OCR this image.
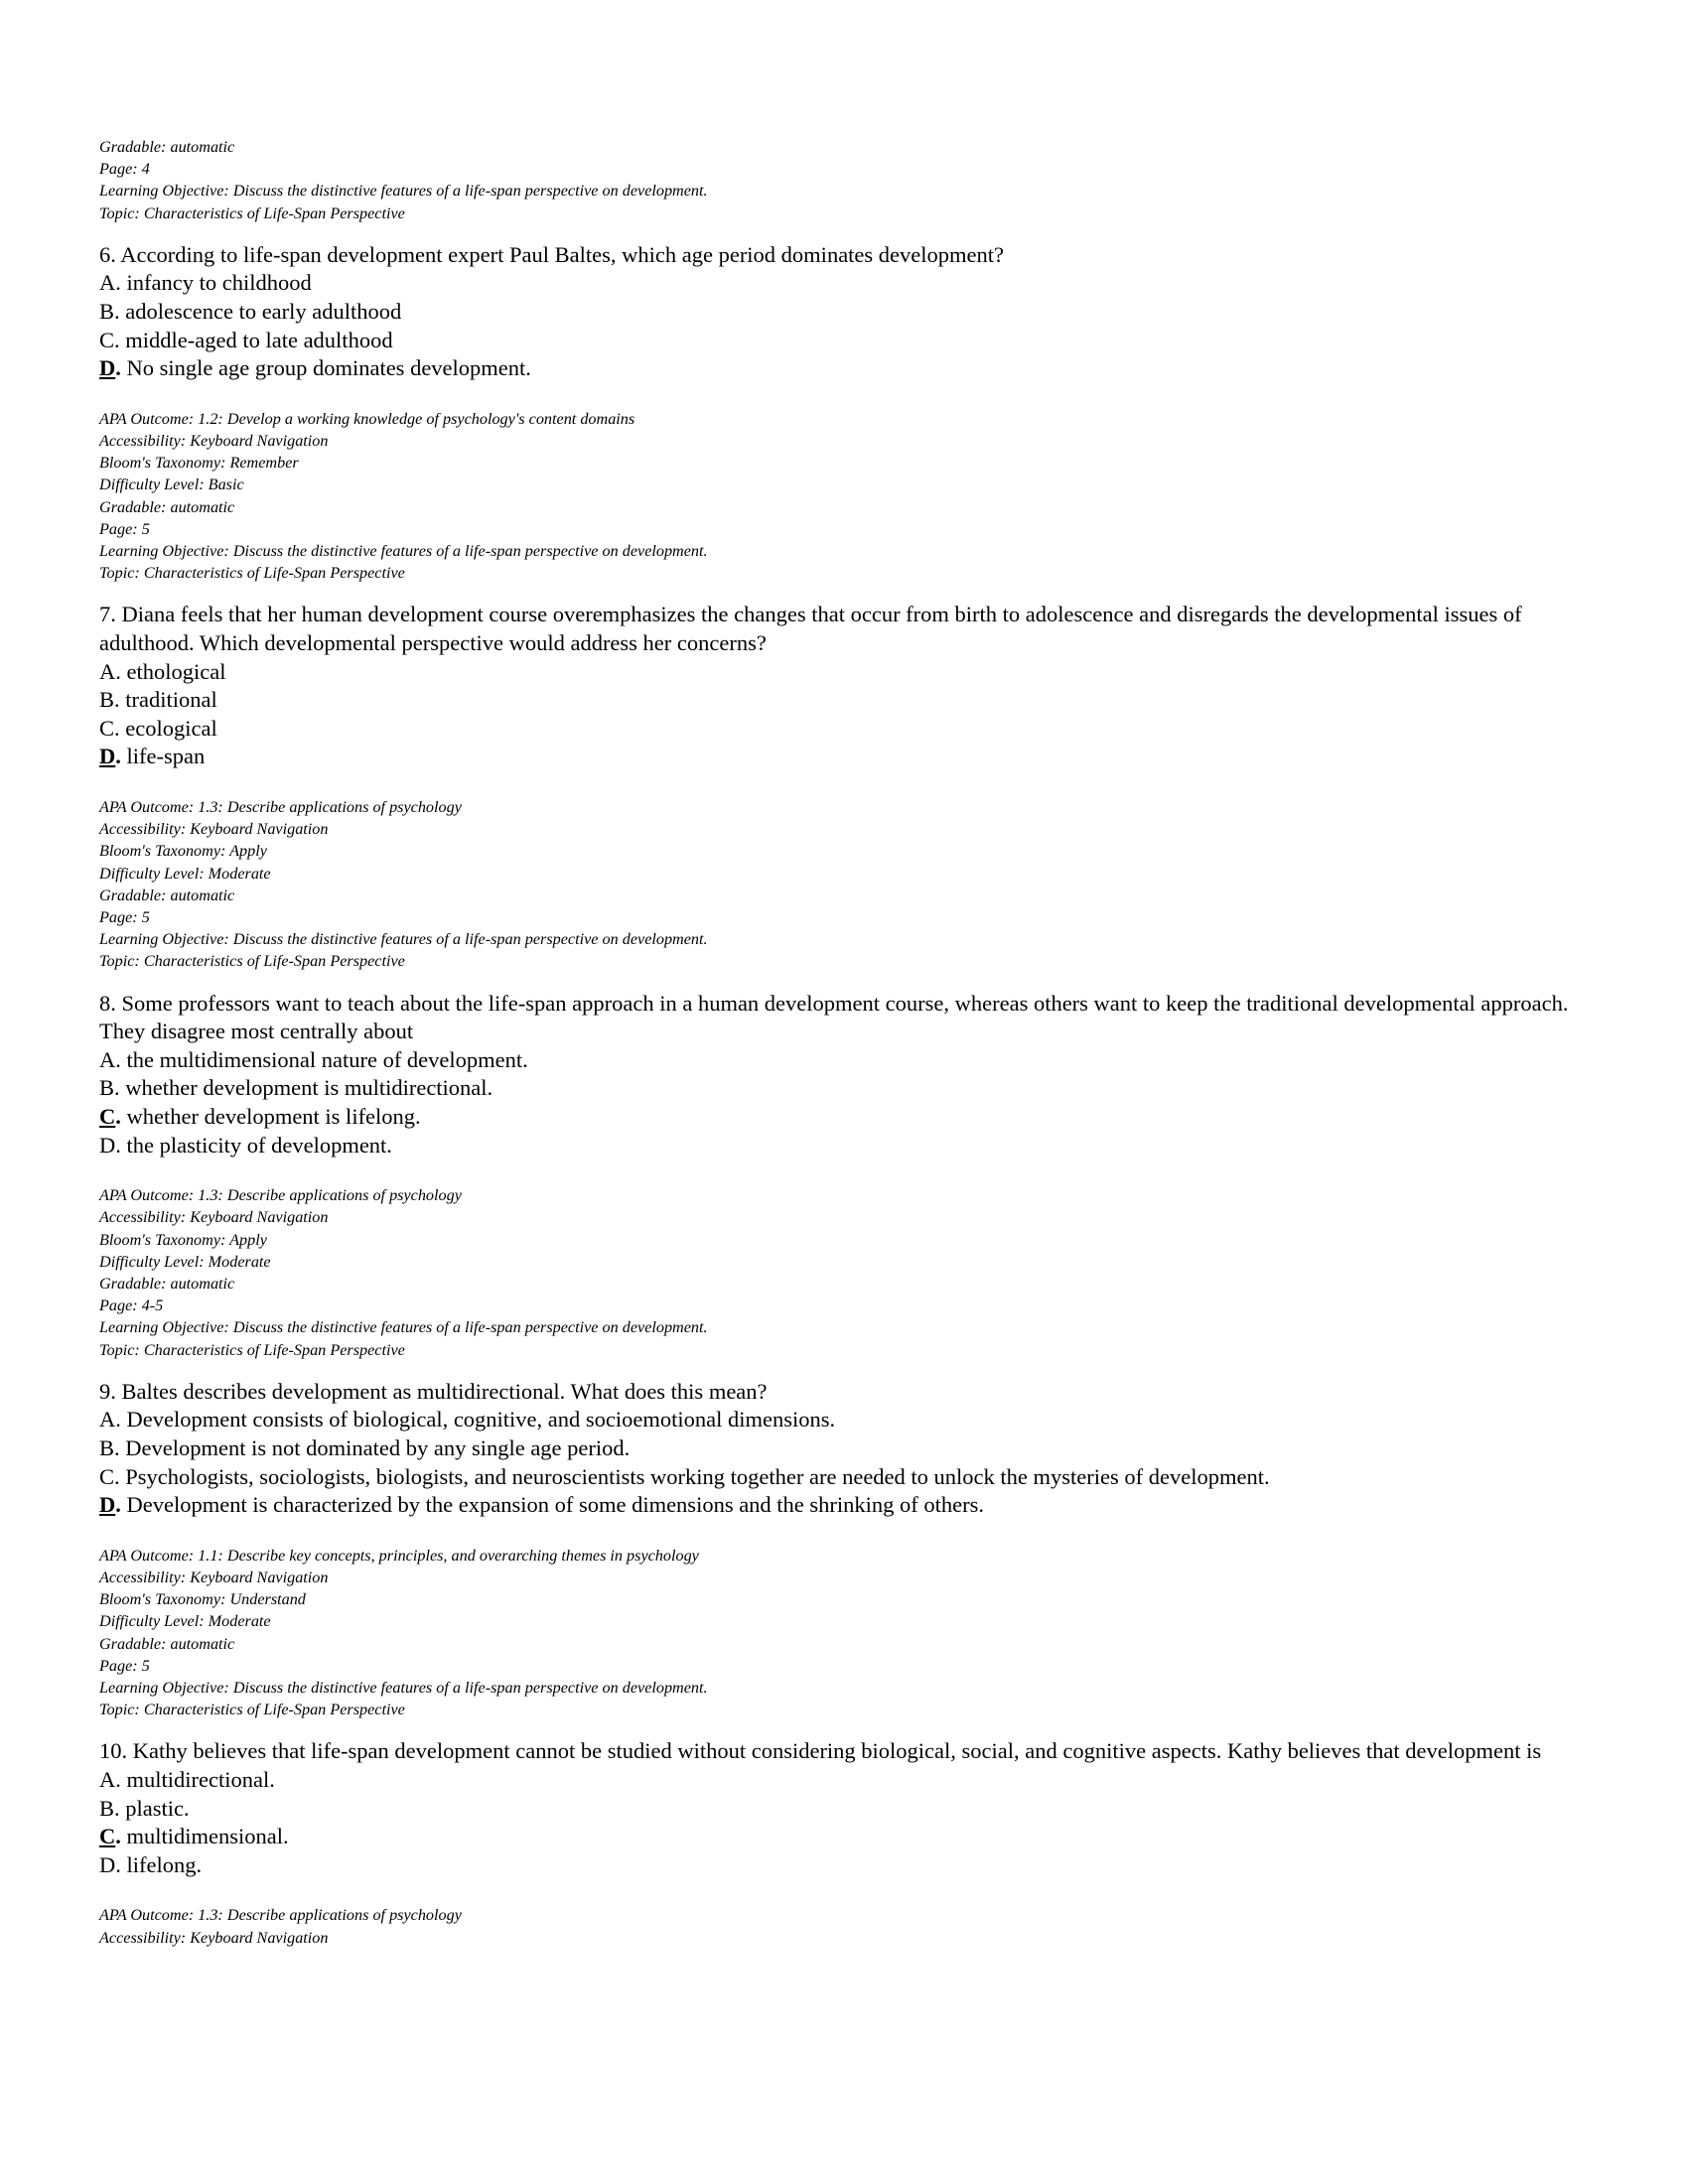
Gradable: automatic
Page: 4
Learning Objective: Discuss the distinctive features of a life-span perspective on development.
Topic: Characteristics of Life-Span Perspective
6. According to life-span development expert Paul Baltes, which age period dominates development?
A. infancy to childhood
B. adolescence to early adulthood
C. middle-aged to late adulthood
D. No single age group dominates development.
APA Outcome: 1.2: Develop a working knowledge of psychology's content domains
Accessibility: Keyboard Navigation
Bloom's Taxonomy: Remember
Difficulty Level: Basic
Gradable: automatic
Page: 5
Learning Objective: Discuss the distinctive features of a life-span perspective on development.
Topic: Characteristics of Life-Span Perspective
7. Diana feels that her human development course overemphasizes the changes that occur from birth to adolescence and disregards the developmental issues of adulthood. Which developmental perspective would address her concerns?
A. ethological
B. traditional
C. ecological
D. life-span
APA Outcome: 1.3: Describe applications of psychology
Accessibility: Keyboard Navigation
Bloom's Taxonomy: Apply
Difficulty Level: Moderate
Gradable: automatic
Page: 5
Learning Objective: Discuss the distinctive features of a life-span perspective on development.
Topic: Characteristics of Life-Span Perspective
8. Some professors want to teach about the life-span approach in a human development course, whereas others want to keep the traditional developmental approach. They disagree most centrally about
A. the multidimensional nature of development.
B. whether development is multidirectional.
C. whether development is lifelong.
D. the plasticity of development.
APA Outcome: 1.3: Describe applications of psychology
Accessibility: Keyboard Navigation
Bloom's Taxonomy: Apply
Difficulty Level: Moderate
Gradable: automatic
Page: 4-5
Learning Objective: Discuss the distinctive features of a life-span perspective on development.
Topic: Characteristics of Life-Span Perspective
9. Baltes describes development as multidirectional. What does this mean?
A. Development consists of biological, cognitive, and socioemotional dimensions.
B. Development is not dominated by any single age period.
C. Psychologists, sociologists, biologists, and neuroscientists working together are needed to unlock the mysteries of development.
D. Development is characterized by the expansion of some dimensions and the shrinking of others.
APA Outcome: 1.1: Describe key concepts, principles, and overarching themes in psychology
Accessibility: Keyboard Navigation
Bloom's Taxonomy: Understand
Difficulty Level: Moderate
Gradable: automatic
Page: 5
Learning Objective: Discuss the distinctive features of a life-span perspective on development.
Topic: Characteristics of Life-Span Perspective
10. Kathy believes that life-span development cannot be studied without considering biological, social, and cognitive aspects. Kathy believes that development is
A. multidirectional.
B. plastic.
C. multidimensional.
D. lifelong.
APA Outcome: 1.3: Describe applications of psychology
Accessibility: Keyboard Navigation
